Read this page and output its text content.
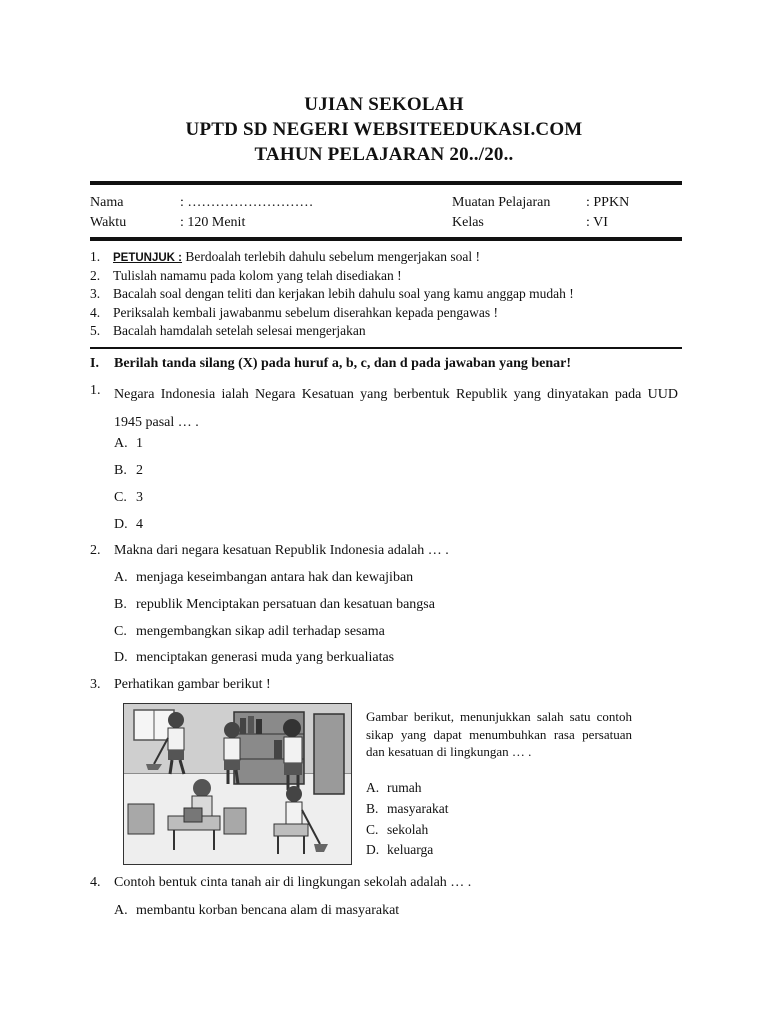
UJIAN SEKOLAH
UPTD SD NEGERI WEBSITEEDUKASI.COM
TAHUN PELAJARAN 20../20..
Nama	: ………………………
Waktu	: 120 Menit
Muatan Pelajaran	: PPKN
Kelas	: VI
1. PETUNJUK : Berdoalah terlebih dahulu sebelum mengerjakan soal !
2. Tulislah namamu pada kolom yang telah disediakan !
3. Bacalah soal dengan teliti dan kerjakan lebih dahulu soal yang kamu anggap mudah !
4. Periksalah kembali jawabanmu sebelum diserahkan kepada pengawas !
5. Bacalah hamdalah setelah selesai mengerjakan
I. Berilah tanda silang (X) pada huruf a, b, c, dan d pada jawaban yang benar!
1. Negara Indonesia ialah Negara Kesatuan yang berbentuk Republik yang dinyatakan pada UUD 1945 pasal … .
A. 1
B. 2
C. 3
D. 4
2. Makna dari negara kesatuan Republik Indonesia adalah … .
A. menjaga keseimbangan antara hak dan kewajiban
B. republik Menciptakan persatuan dan kesatuan bangsa
C. mengembangkan sikap adil terhadap sesama
D. menciptakan generasi muda yang berkualiatas
3. Perhatikan gambar berikut !
Gambar berikut, menunjukkan salah satu contoh sikap yang dapat menumbuhkan rasa persatuan dan kesatuan di lingkungan … .
A. rumah
B. masyarakat
C. sekolah
D. keluarga
4. Contoh bentuk cinta tanah air di lingkungan sekolah adalah … .
A. membantu korban bencana alam di masyarakat
